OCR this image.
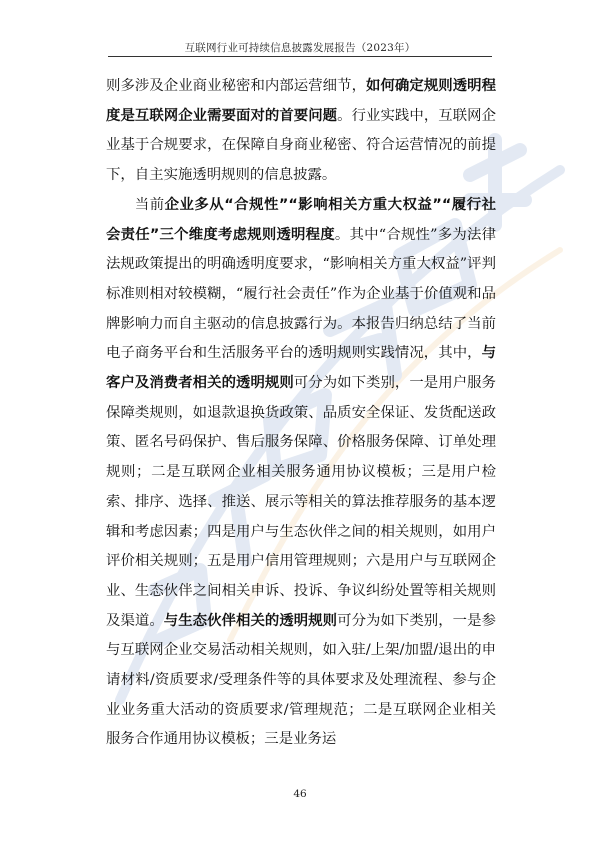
互联网行业可持续信息披露发展报告（2023年）

则多涉及企业商业秘密和内部运营细节，如何确定规则透明程度是互联网企业需要面对的首要问题。行业实践中，互联网企业基于合规要求，在保障自身商业秘密、符合运营情况的前提下，自主实施透明规则的信息披露。

当前企业多从“合规性”“影响相关方重大权益”“履行社会责任”三个维度考虑规则透明程度。其中“合规性”多为法律法规政策提出的明确透明度要求，“影响相关方重大权益”评判标准则相对较模糊，“履行社会责任”作为企业基于价值观和品牌影响力而自主驱动的信息披露行为。本报告归纳总结了当前电子商务平台和生活服务平台的透明规则实践情况，其中，与客户及消费者相关的透明规则可分为如下类别，一是用户服务保障类规则，如退款退换货政策、品质安全保证、发货配送政策、匿名号码保护、售后服务保障、价格服务保障、订单处理规则；二是互联网企业相关服务通用协议模板；三是用户检索、排序、选择、推送、展示等相关的算法推荐服务的基本逻辑和考虑因素；四是用户与生态伙伴之间的相关规则，如用户评价相关规则；五是用户信用管理规则；六是用户与互联网企业、生态伙伴之间相关申诉、投诉、争议纠纷处置等相关规则及渠道。与生态伙伴相关的透明规则可分为如下类别，一是参与互联网企业交易活动相关规则，如入驻/上架/加盟/退出的申请材料/资质要求/受理条件等的具体要求及处理流程、参与企业业务重大活动的资质要求/管理规范；二是互联网企业相关服务合作通用协议模板；三是业务运

46
